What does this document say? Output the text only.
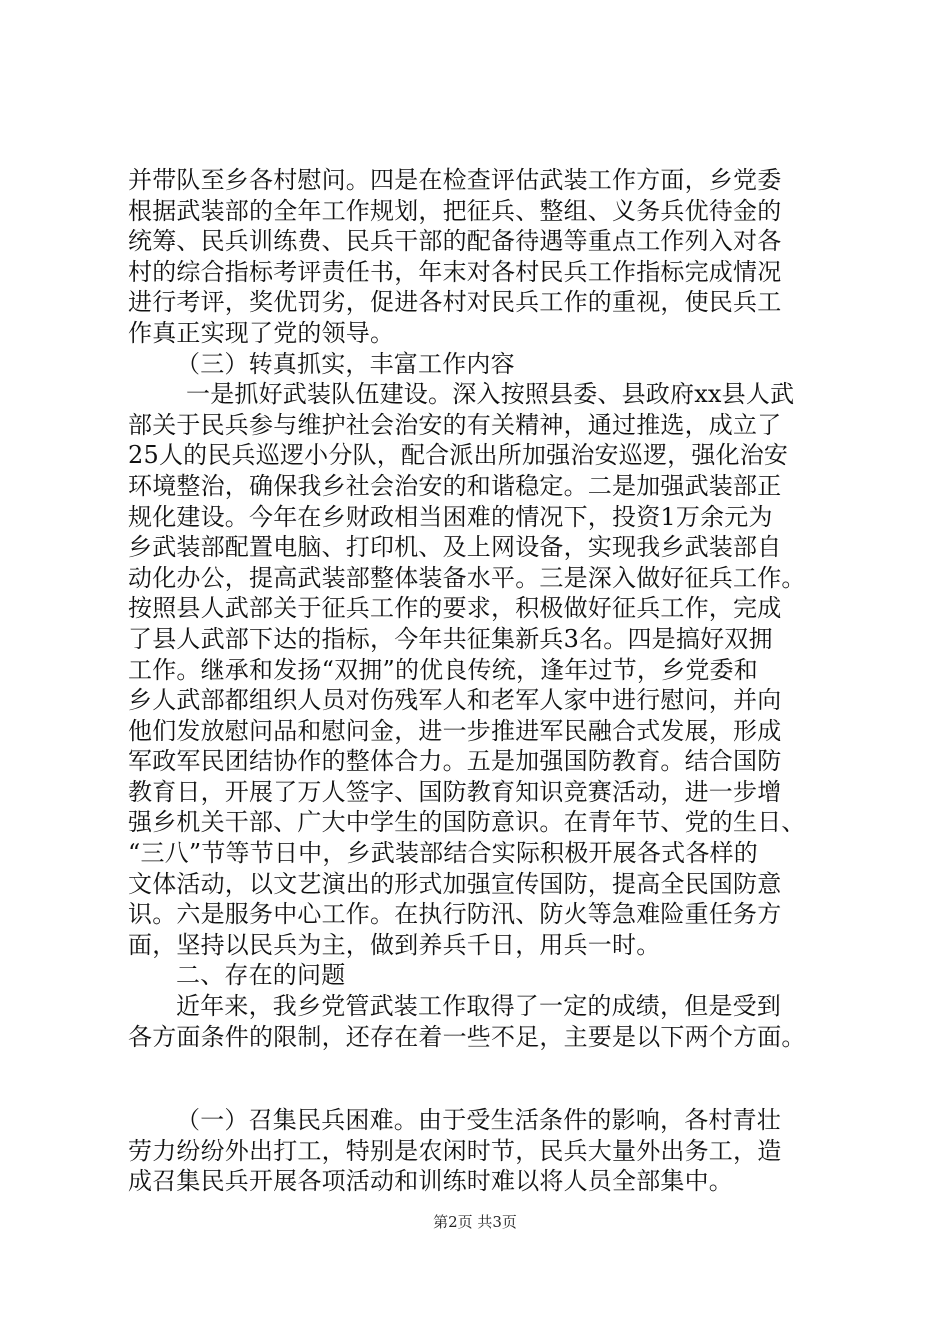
并带队至乡各村慰问。四是在检查评估武装工作方面，乡党委
根据武装部的全年工作规划，把征兵、整组、义务兵优待金的
统筹、民兵训练费、民兵干部的配备待遇等重点工作列入对各
村的综合指标考评责任书，年末对各村民兵工作指标完成情况
进行考评，奖优罚劣，促进各村对民兵工作的重视，使民兵工
作真正实现了党的领导。
（三）转真抓实，丰富工作内容
一是抓好武装队伍建设。深入按照县委、县政府xx县人武
部关于民兵参与维护社会治安的有关精神，通过推选，成立了
25人的民兵巡逻小分队，配合派出所加强治安巡逻，强化治安
环境整治，确保我乡社会治安的和谐稳定。二是加强武装部正
规化建设。今年在乡财政相当困难的情况下，投资1万余元为
乡武装部配置电脑、打印机、及上网设备，实现我乡武装部自
动化办公，提高武装部整体装备水平。三是深入做好征兵工作。
按照县人武部关于征兵工作的要求，积极做好征兵工作，完成
了县人武部下达的指标，今年共征集新兵3名。四是搞好双拥
工作。继承和发扬“双拥”的优良传统，逢年过节，乡党委和
乡人武部都组织人员对伤残军人和老军人家中进行慰问，并向
他们发放慰问品和慰问金，进一步推进军民融合式发展，形成
军政军民团结协作的整体合力。五是加强国防教育。结合国防
教育日，开展了万人签字、国防教育知识竞赛活动，进一步增
强乡机关干部、广大中学生的国防意识。在青年节、党的生日、
“三八”节等节日中，乡武装部结合实际积极开展各式各样的
文体活动，以文艺演出的形式加强宣传国防，提高全民国防意
识。六是服务中心工作。在执行防汛、防火等急难险重任务方
面，坚持以民兵为主，做到养兵千日，用兵一时。
二、存在的问题
近年来，我乡党管武装工作取得了一定的成绩，但是受到
各方面条件的限制，还存在着一些不足，主要是以下两个方面。
（一）召集民兵困难。由于受生活条件的影响，各村青壮
劳力纷纷外出打工，特别是农闲时节，民兵大量外出务工，造
成召集民兵开展各项活动和训练时难以将人员全部集中。
第2页 共3页
